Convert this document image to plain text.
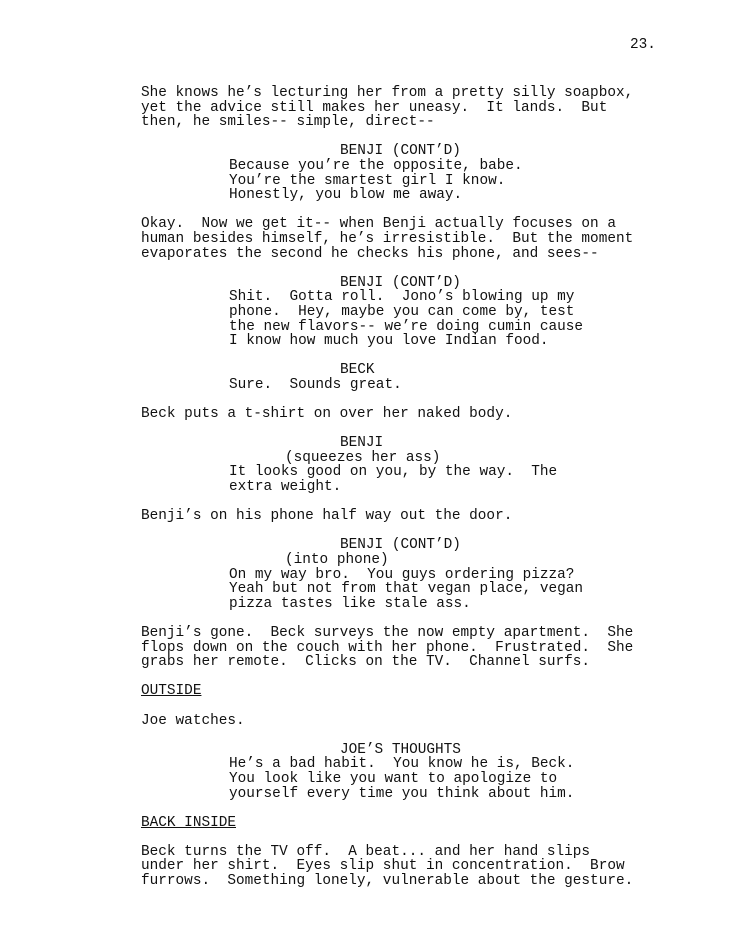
23.
She knows he’s lecturing her from a pretty silly soapbox,
yet the advice still makes her uneasy.  It lands.  But
then, he smiles-- simple, direct--
BENJI (CONT’D)
Because you’re the opposite, babe.
You’re the smartest girl I know.
Honestly, you blow me away.
Okay.  Now we get it-- when Benji actually focuses on a
human besides himself, he’s irresistible.  But the moment
evaporates the second he checks his phone, and sees--
BENJI (CONT’D)
Shit.  Gotta roll.  Jono’s blowing up my
phone.  Hey, maybe you can come by, test
the new flavors-- we’re doing cumin cause
I know how much you love Indian food.
BECK
Sure.  Sounds great.
Beck puts a t-shirt on over her naked body.
BENJI
(squeezes her ass)
It looks good on you, by the way.  The
extra weight.
Benji’s on his phone half way out the door.
BENJI (CONT’D)
(into phone)
On my way bro.  You guys ordering pizza?
Yeah but not from that vegan place, vegan
pizza tastes like stale ass.
Benji’s gone.  Beck surveys the now empty apartment.  She
flops down on the couch with her phone.  Frustrated.  She
grabs her remote.  Clicks on the TV.  Channel surfs.
OUTSIDE
Joe watches.
JOE’S THOUGHTS
He’s a bad habit.  You know he is, Beck.
You look like you want to apologize to
yourself every time you think about him.
BACK INSIDE
Beck turns the TV off.  A beat... and her hand slips
under her shirt.  Eyes slip shut in concentration.  Brow
furrows.  Something lonely, vulnerable about the gesture.
